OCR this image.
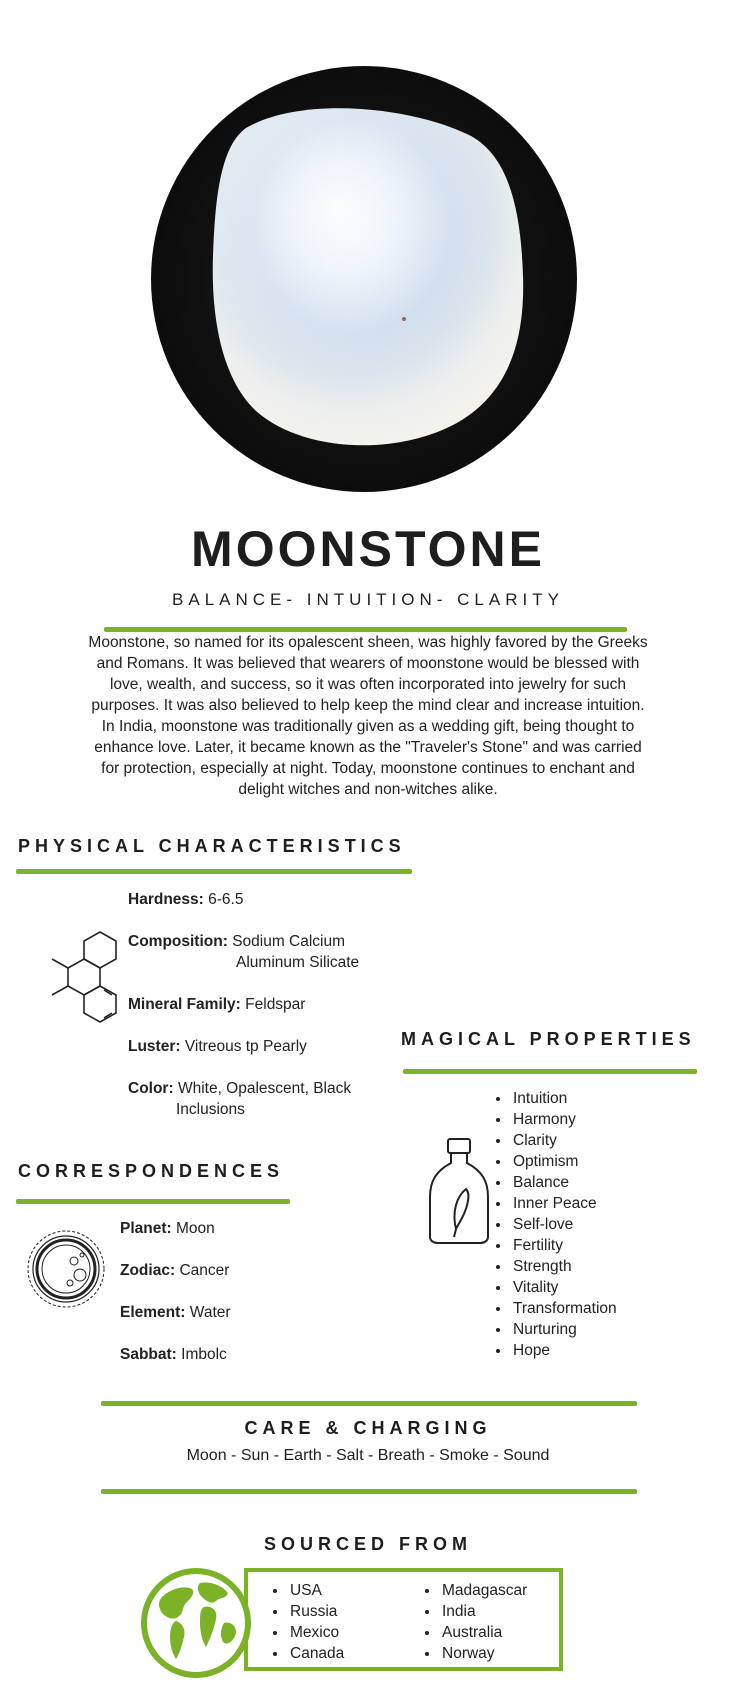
MOONSTONE
BALANCE- INTUITION- CLARITY
Moonstone, so named for its opalescent sheen, was highly favored by the Greeks and Romans. It was believed that wearers of moonstone would be blessed with love, wealth, and success, so it was often incorporated into jewelry for such purposes. It was also believed to help keep the mind clear and increase intuition. In India, moonstone was traditionally given as a wedding gift, being thought to enhance love. Later, it became known as the "Traveler's Stone" and was carried for protection, especially at night. Today, moonstone continues to enchant and delight witches and non-witches alike.
PHYSICAL CHARACTERISTICS
Hardness: 6-6.5
Composition: Sodium Calcium
Aluminum Silicate
Mineral Family: Feldspar
Luster: Vitreous tp Pearly
Color: White, Opalescent, Black
Inclusions
MAGICAL PROPERTIES
• Intuition
• Harmony
• Clarity
• Optimism
• Balance
• Inner Peace
• Self-love
• Fertility
• Strength
• Vitality
• Transformation
• Nurturing
• Hope
CORRESPONDENCES
Planet: Moon
Zodiac: Cancer
Element: Water
Sabbat: Imbolc
CARE & CHARGING
Moon - Sun - Earth - Salt - Breath - Smoke - Sound
SOURCED FROM
• USA
• Russia
• Mexico
• Canada
• Madagascar
• India
• Australia
• Norway
